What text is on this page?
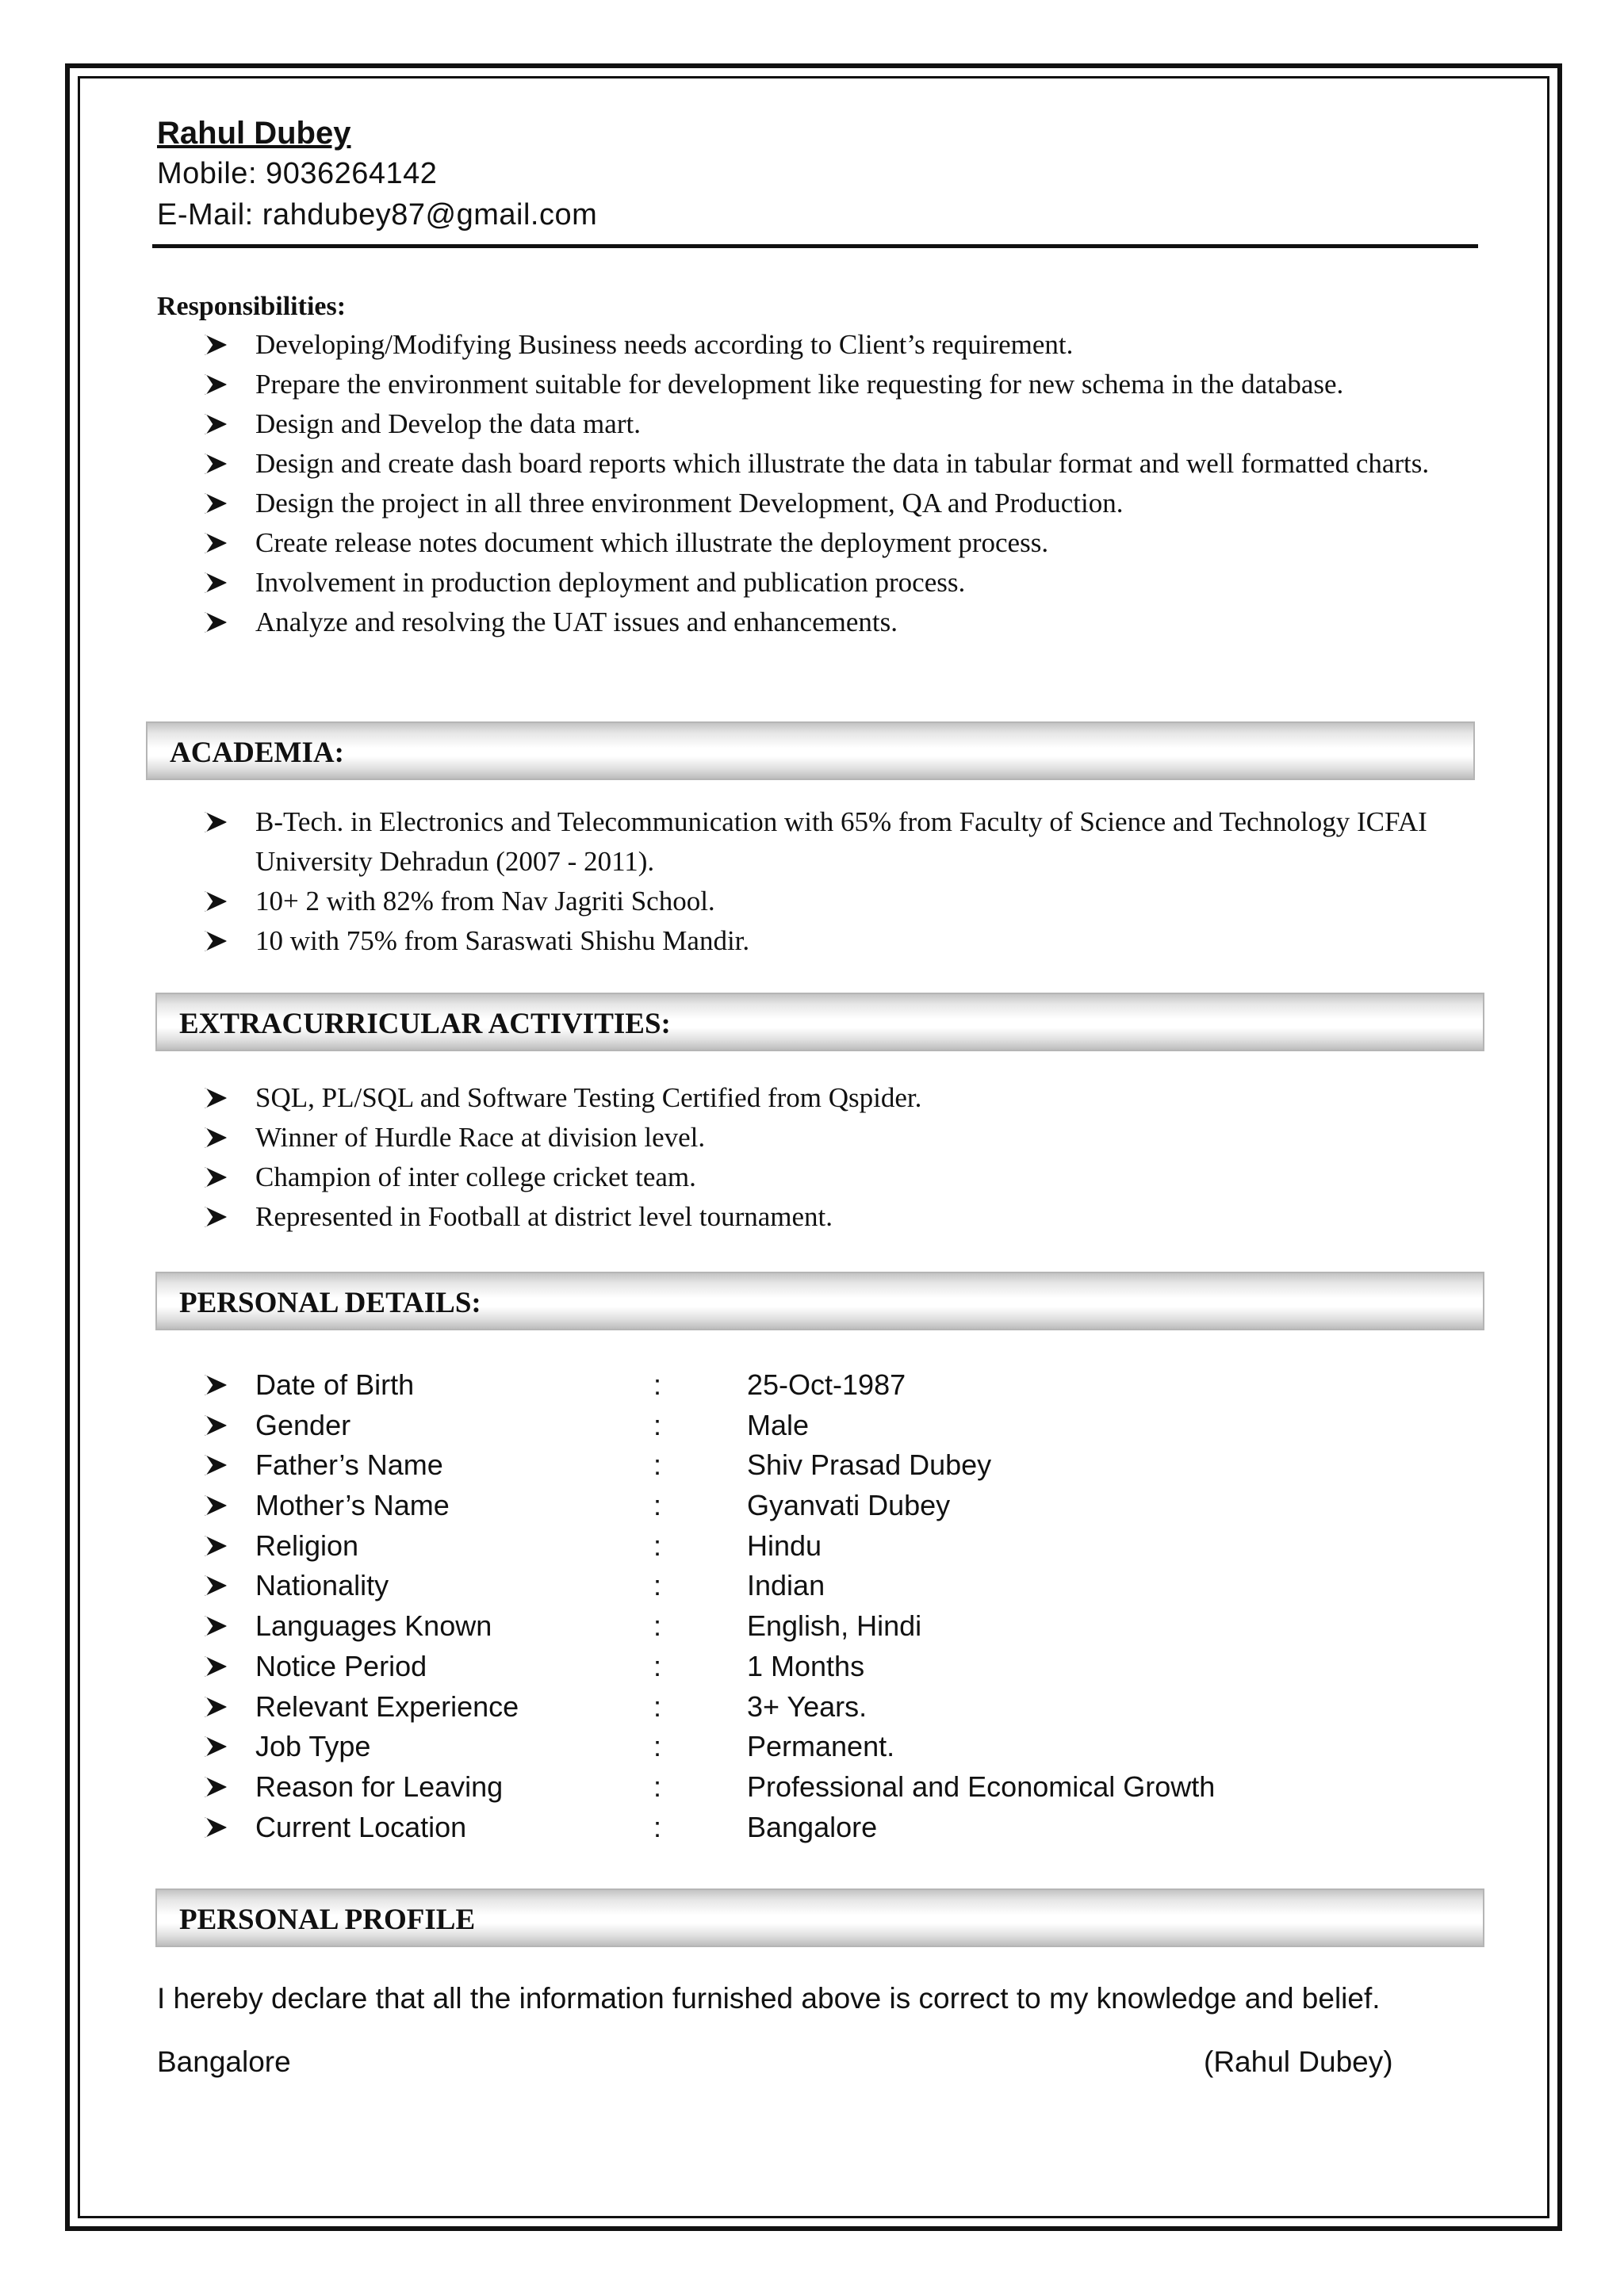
Rahul Dubey
Mobile: 9036264142
E-Mail: rahdubey87@gmail.com
Responsibilities:
Developing/Modifying Business needs according to Client’s requirement.
Prepare the environment suitable for development like requesting for new schema in the database.
Design and Develop the data mart.
Design and create dash board reports which illustrate the data in tabular format and well formatted charts.
Design the project in all three environment Development, QA and Production.
Create release notes document which illustrate the deployment process.
Involvement in production deployment and publication process.
Analyze and resolving the UAT issues and enhancements.
ACADEMIA:
B-Tech. in Electronics and Telecommunication with 65% from Faculty of Science and Technology ICFAI University Dehradun (2007 - 2011).
10+ 2 with 82% from Nav Jagriti School.
10 with 75% from Saraswati Shishu Mandir.
EXTRACURRICULAR ACTIVITIES:
SQL, PL/SQL and Software Testing Certified from Qspider.
Winner of Hurdle Race at division level.
Champion of inter college cricket team.
Represented in Football at district level tournament.
PERSONAL DETAILS:
Date of Birth	:	25-Oct-1987
Gender	:	Male
Father’s Name	:	Shiv Prasad Dubey
Mother’s Name	:	Gyanvati Dubey
Religion	:	Hindu
Nationality	:	Indian
Languages Known	:	English, Hindi
Notice Period	:	1 Months
Relevant Experience	:	3+ Years.
Job Type	:	Permanent.
Reason for Leaving	:	Professional and Economical Growth
Current Location	:	Bangalore
PERSONAL PROFILE
I hereby declare that all the information furnished above is correct to my knowledge and belief.
Bangalore	(Rahul Dubey)
